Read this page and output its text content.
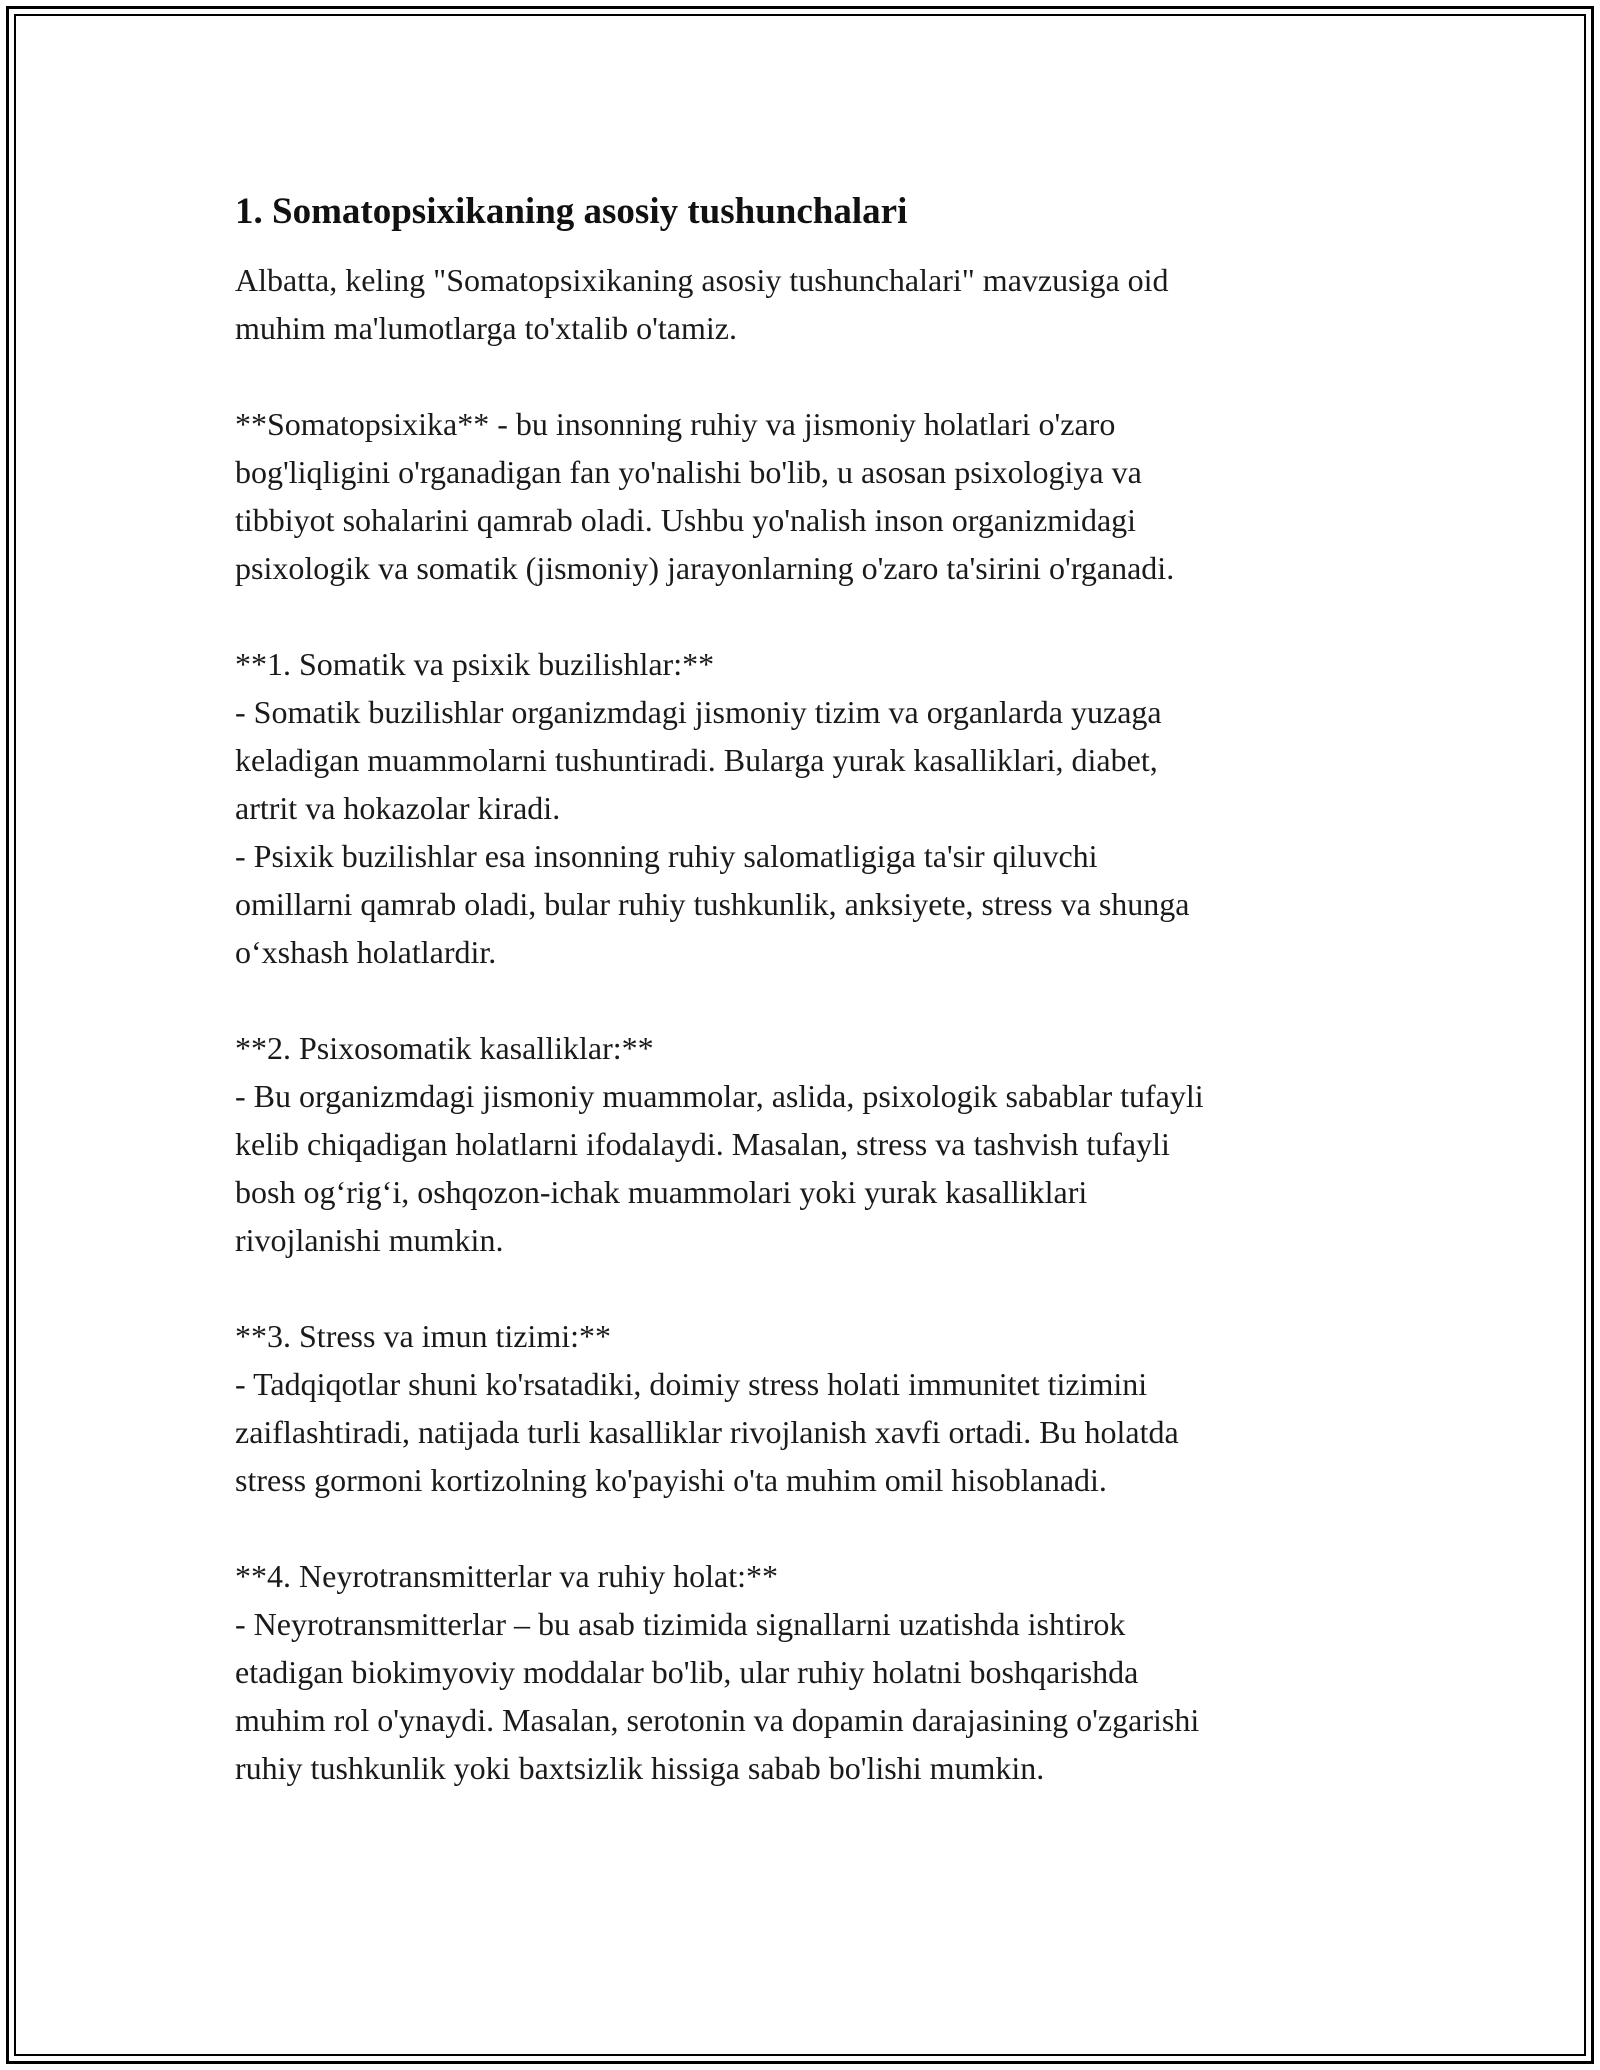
1. Somatopsixikaning asosiy tushunchalari

Albatta, keling "Somatopsixikaning asosiy tushunchalari" mavzusiga oid
muhim ma'lumotlarga to'xtalib o'tamiz.

**Somatopsixika** - bu insonning ruhiy va jismoniy holatlari o'zaro
bog'liqligini o'rganadigan fan yo'nalishi bo'lib, u asosan psixologiya va
tibbiyot sohalarini qamrab oladi. Ushbu yo'nalish inson organizmidagi
psixologik va somatik (jismoniy) jarayonlarning o'zaro ta'sirini o'rganadi.

**1. Somatik va psixik buzilishlar:**

- Somatik buzilishlar organizmdagi jismoniy tizim va organlarda yuzaga
keladigan muammolarni tushuntiradi. Bularga yurak kasalliklari, diabet,
artrit va hokazolar kiradi.

- Psixik buzilishlar esa insonning ruhiy salomatligiga ta'sir qiluvchi
omillarni qamrab oladi, bular ruhiy tushkunlik, anksiyete, stress va shunga
o‘xshash holatlardir.

**2. Psixosomatik kasalliklar:**

- Bu organizmdagi jismoniy muammolar, aslida, psixologik sabablar tufayli
kelib chiqadigan holatlarni ifodalaydi. Masalan, stress va tashvish tufayli
bosh og‘rig‘i, oshqozon-ichak muammolari yoki yurak kasalliklari
rivojlanishi mumkin.

**3. Stress va imun tizimi:**

- Tadqiqotlar shuni ko'rsatadiki, doimiy stress holati immunitet tizimini
zaiflashtiradi, natijada turli kasalliklar rivojlanish xavfi ortadi. Bu holatda
stress gormoni kortizolning ko'payishi o'ta muhim omil hisoblanadi.

**4. Neyrotransmitterlar va ruhiy holat:**

- Neyrotransmitterlar – bu asab tizimida signallarni uzatishda ishtirok
etadigan biokimyoviy moddalar bo'lib, ular ruhiy holatni boshqarishda
muhim rol o'ynaydi. Masalan, serotonin va dopamin darajasining o'zgarishi
ruhiy tushkunlik yoki baxtsizlik hissiga sabab bo'lishi mumkin.
